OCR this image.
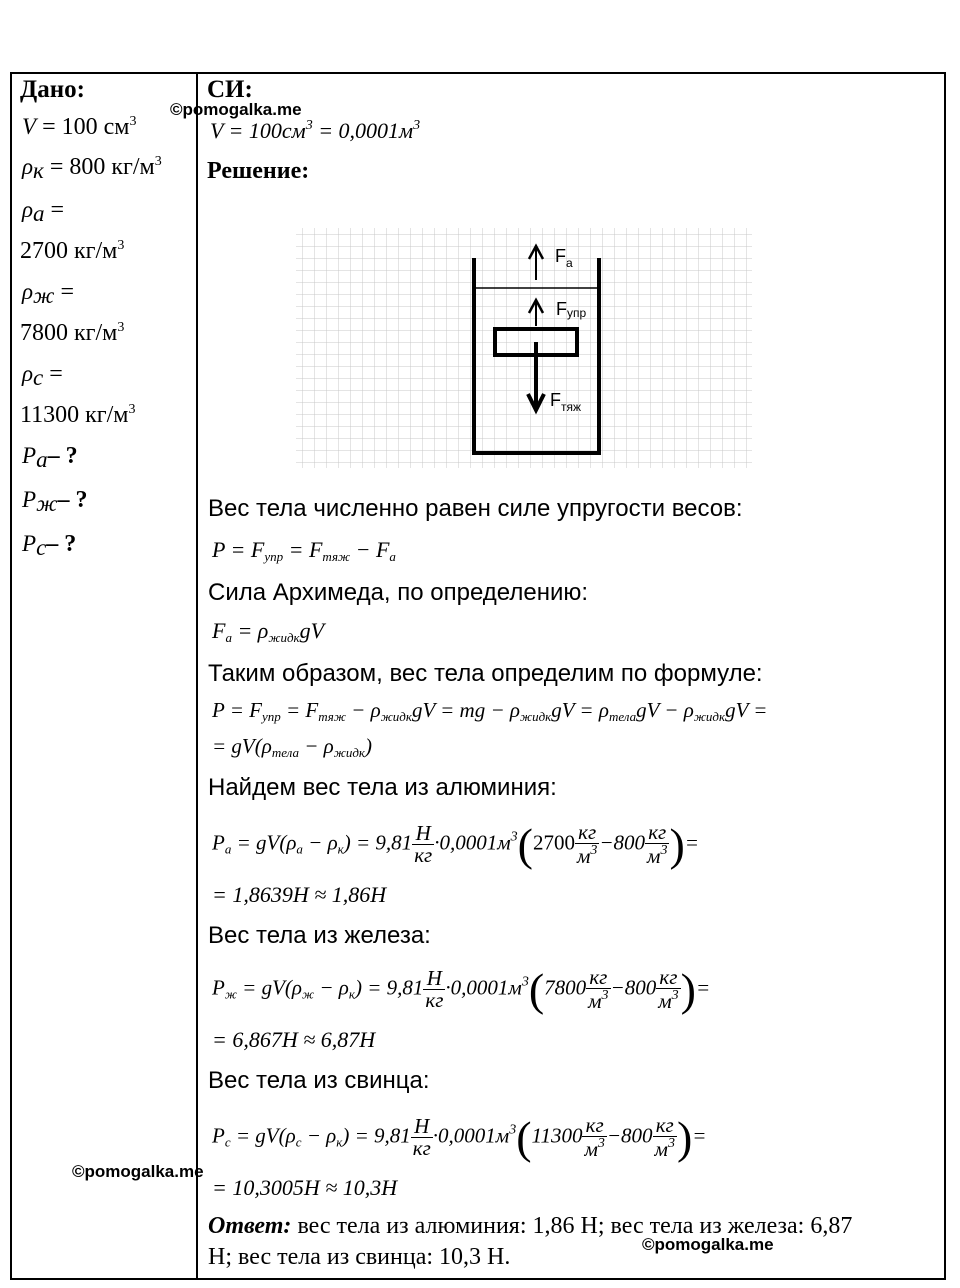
Дано:
V = 100 $см^3$
$\rho_к = 800$ $кг/м^3$
$\rho_а$ =
2700 $кг/м^3$
$\rho_ж$ =
7800 $кг/м^3$
$\rho_с$ =
11300 $кг/м^3$
$P_а-$ ?
$P_ж-$ ?
$P_с-$ ?
СИ:
©pomogalka.me
$V = 100см^3 = 0,0001м^3$
Решение:
$F_а$
Fупр
$F_{тяж}$
Вес тела численно равен силе упругости весов:
$P = F_{упр} = F_{тяж} - F_а$
Сила Архимеда, по определению:
$F_а = \rho_{жидк}gV$
Таким образом, вес тела определим по формуле:
$P = F_{упр} = F_{тяж} - \rho_{жидк}gV$ = mg − $\rho_{жидк}gV = \rho_{тела}gV - \rho_{жидк}gV$ =
= $gV(\rho_{тела} - \rho_{жидк})$
Найдем вес тела из алюминия:
$P_а = gV(\rho_а - \rho_к) = 9,81$ Н
кг
$\cdot 0,0001м^3(2700$ кг
$м^3 -800$ кг
$м^3$ )=
= 1,8639Н ≈ 1,86Н
Вес тела из железа:
$P_ж = gV(\rho_ж - \rho_к) = 9,81$ Н
кг
$\cdot 0,0001м^3(7800$ кг
$м^3 -800$ кг
$м^3$ )=
= 6,867Н ≈ 6,87Н
Вес тела из свинца:
$P_с = gV(\rho_с - \rho_к) = 9,81$ Н
кг
$\cdot 0,0001м^3(11300$ кг
$м^3 -800$ кг
$м^3$ )=
©pomogalka.me
= 10,3005Н ≈ 10,3Н
Ответ: вес тела из алюминия: 1,86 Н; вес тела из железа: 6,87
Н; вес тела из свинца: 10,3 Н.	©pomogalka.me
